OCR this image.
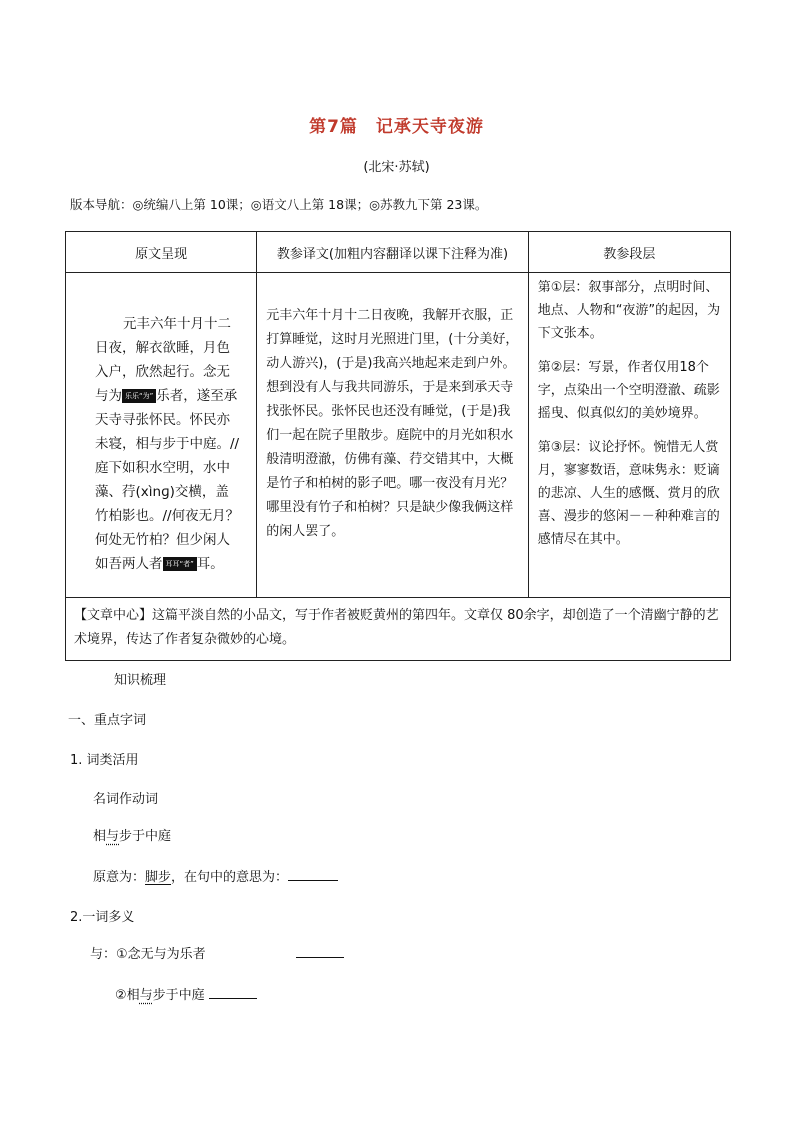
第7篇 记承天寺夜游
(北宋·苏轼)
版本导航：◎统编八上第 10课；◎语文八上第 18课；◎苏教九下第 23课。
原文呈现	教参译文(加粗内容翻译以课下注释为准)	教参段层

元丰六年十月十二日夜，解衣欲睡，月色入户，欣然起行。念无与为 乐乐“为” 乐者，遂至承天寺寻张怀民。怀民亦未寝，相与步于中庭。//庭下如积水空明，水中藻、荇(xìnɡ)交横，盖竹柏影也。//何夜无月？何处无竹柏？但少闲人如吾两人者 耳耳“者” 耳。	元丰六年十月十二日夜晚，我解开衣服，正打算睡觉，这时月光照进门里，(十分美好，动人游兴)，(于是)我高兴地起来走到户外。想到没有人与我共同游乐，于是来到承天寺找张怀民。张怀民也还没有睡觉，(于是)我们一起在院子里散步。庭院中的月光如积水般清明澄澈，仿佛有藻、荇交错其中，大概是竹子和柏树的影子吧。哪一夜没有月光？哪里没有竹子和柏树？只是缺少像我俩这样的闲人罢了。	第①层：叙事部分，点明时间、地点、人物和“夜游”的起因，为下文张本。

第②层：写景，作者仅用18个字，点染出一个空明澄澈、疏影摇曳、似真似幻的美妙境界。

第③层：议论抒怀。惋惜无人赏月，寥寥数语，意味隽永：贬谪的悲凉、人生的感慨、赏月的欣喜、漫步的悠闲－－种种难言的感情尽在其中。

【文章中心】这篇平淡自然的小品文，写于作者被贬黄州的第四年。文章仅 80余字，却创造了一个清幽宁静的艺术境界，传达了作者复杂微妙的心境。		
知识梳理
一、重点字词
1. 词类活用
名词作动词
相与步于中庭
原意为：脚步，在句中的意思为：
2.一词多义
与：①念无与为乐者
②相与步于中庭
